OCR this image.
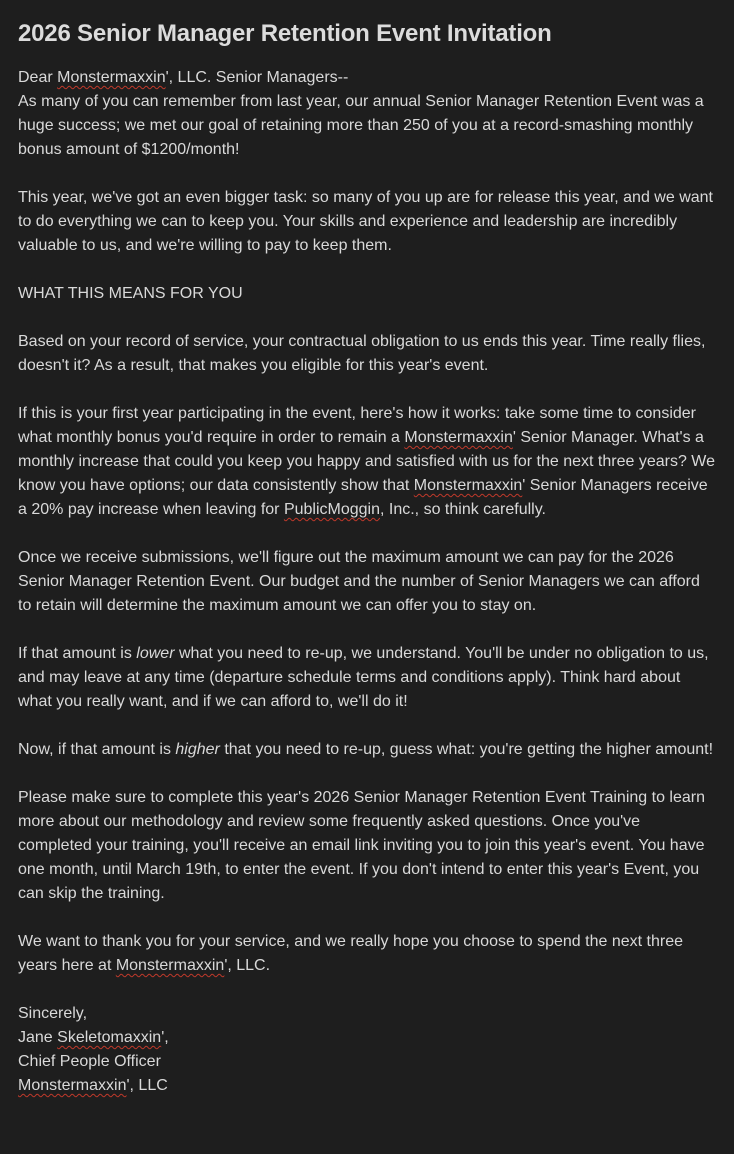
2026 Senior Manager Retention Event Invitation
Dear Monstermaxxin', LLC. Senior Managers--

As many of you can remember from last year, our annual Senior Manager Retention Event was a huge success; we met our goal of retaining more than 250 of you at a record-smashing monthly bonus amount of $1200/month!

This year, we've got an even bigger task: so many of you up are for release this year, and we want to do everything we can to keep you. Your skills and experience and leadership are incredibly valuable to us, and we're willing to pay to keep them.

WHAT THIS MEANS FOR YOU

Based on your record of service, your contractual obligation to us ends this year. Time really flies, doesn't it? As a result, that makes you eligible for this year's event.

If this is your first year participating in the event, here's how it works: take some time to consider what monthly bonus you'd require in order to remain a Monstermaxxin' Senior Manager. What's a monthly increase that could you keep you happy and satisfied with us for the next three years? We know you have options; our data consistently show that Monstermaxxin' Senior Managers receive a 20% pay increase when leaving for PublicMoggin, Inc., so think carefully.

Once we receive submissions, we'll figure out the maximum amount we can pay for the 2026 Senior Manager Retention Event. Our budget and the number of Senior Managers we can afford to retain will determine the maximum amount we can offer you to stay on.

If that amount is lower what you need to re-up, we understand. You'll be under no obligation to us, and may leave at any time (departure schedule terms and conditions apply). Think hard about what you really want, and if we can afford to, we'll do it!

Now, if that amount is higher that you need to re-up, guess what: you're getting the higher amount!

Please make sure to complete this year's 2026 Senior Manager Retention Event Training to learn more about our methodology and review some frequently asked questions. Once you've completed your training, you'll receive an email link inviting you to join this year's event. You have one month, until March 19th, to enter the event. If you don't intend to enter this year's Event, you can skip the training.

We want to thank you for your service, and we really hope you choose to spend the next three years here at Monstermaxxin', LLC.

Sincerely,
Jane Skeletomaxxin',
Chief People Officer
Monstermaxxin', LLC
